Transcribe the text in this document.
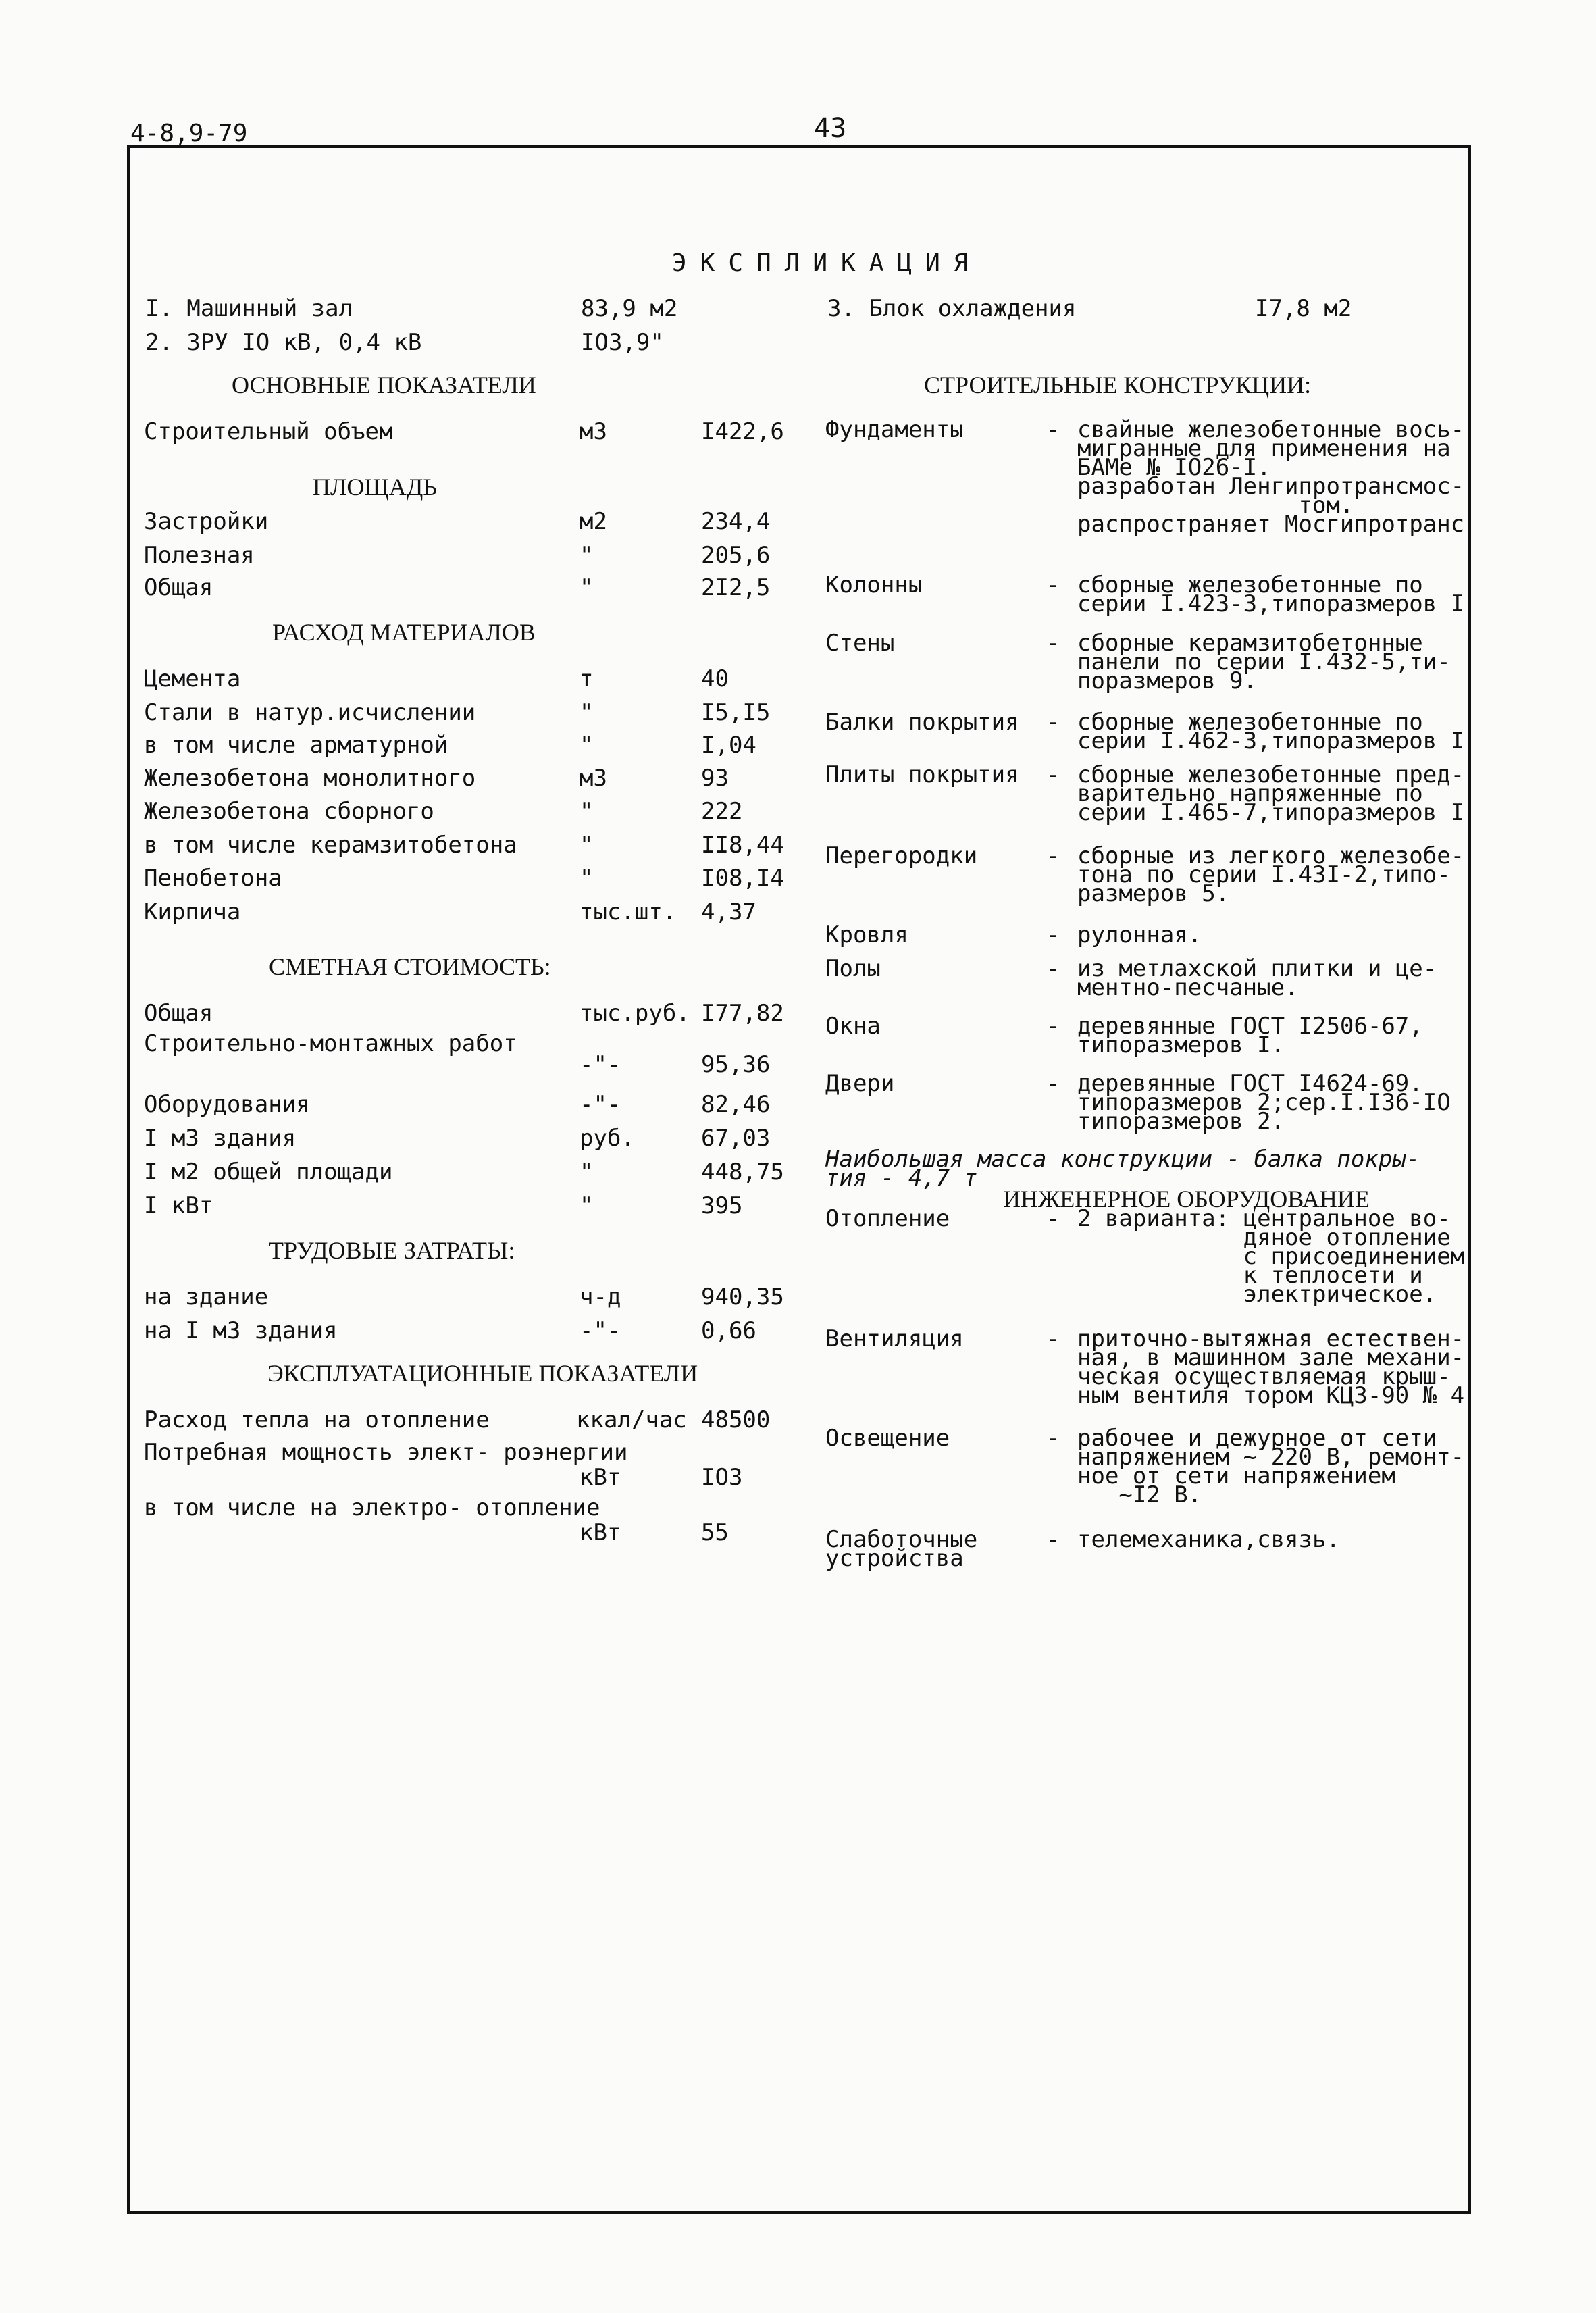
4-8,9-79	43
ЭКСПЛИКАЦИЯ
I. Машинный зал	83,9 м2
2. ЗРУ IO кВ, 0,4 кВ	IO3,9"
3. Блок охлаждения	I7,8 м2
ОСНОВНЫЕ ПОКАЗАТЕЛИ
Строительный объем	м3	I422,6
ПЛОЩАДЬ
Застройки	м2	234,4
Полезная	"	205,6
Общая	"	2I2,5
РАСХОД МАТЕРИАЛОВ
Цемента	т	40
Стали в натур.исчислении	"	I5,I5
в том числе арматурной	"	I,04
Железобетона монолитного	м3	93
Железобетона сборного	"	222
в том числе керамзитобетона	"	II8,44
Пенобетона	"	I08,I4
Кирпича	тыс.шт. 4,37
СМЕТНАЯ СТОИМОСТЬ:
Общая	тыс.руб. I77,82
Строительно-монтажных работ
-"-	95,36
Оборудования	-"-	82,46
I м3 здания	руб.	67,03
I м2 общей площади	"	448,75
I кВт	"	395
ТРУДОВЫЕ ЗАТРАТЫ:
на здание	ч-д	940,35
на I м3 здания	-"-	0,66
ЭКСПЛУАТАЦИОННЫЕ ПОКАЗАТЕЛИ
Расход тепла на отопление	ккал/час 48500
Потребная мощность элект- роэнергии
кВт	IO3
в том числе на электро- отопление
кВт	55
СТРОИТЕЛЬНЫЕ КОНСТРУКЦИИ:
Фундаменты	- свайные железобетонные вось-
мигранные для применения на
БАМе № IO26-I.
разработан Ленгипротрансмос-
тoм.
распространяет Мосгипротранс
Колонны	- сборные железобетонные по
серии I.423-3,типоразмеров I
Стены	- сборные керамзитобетонные
панели по серии I.432-5,ти-
поразмеров 9.
Балки покрытия - сборные железобетонные по
серии I.462-3,типоразмеров I
Плиты покрытия - сборные железобетонные пред-
варительно напряженные по
серии I.465-7,типоразмеров I
Перегородки	- сборные из легкого железобе-
тона по серии I.43I-2,типо-
размеров 5.
Кровля	- рулонная.
Полы	- из метлахской плитки и це-
ментно-песчаные.
Окна	- деревянные ГОСТ I2506-67,
типоразмеров I.
Двери	- деревянные ГОСТ I4624-69.
типоразмеров 2;сер.I.I36-IO
типоразмеров 2.
Наибольшая масса конструкции - балка покры-
тия - 4,7 т
ИНЖЕНЕРНОЕ ОБОРУДОВАНИЕ
Отопление	- 2 варианта: центральное во-
дяное отопление
с присоединением
к теплосети и
электрическое.
Вентиляция	- приточно-вытяжная естествен-
ная, в машинном зале механи-
ческая осуществляемая крыш-
ным вентиля тором КЦЗ-90 № 4
Освещение	- рабочее и дежурное от сети
напряжением ~ 220 В, ремонт-
ное от сети напряжением
~I2 В.
Слаботочные
устройства
- телемеханика,связь.
